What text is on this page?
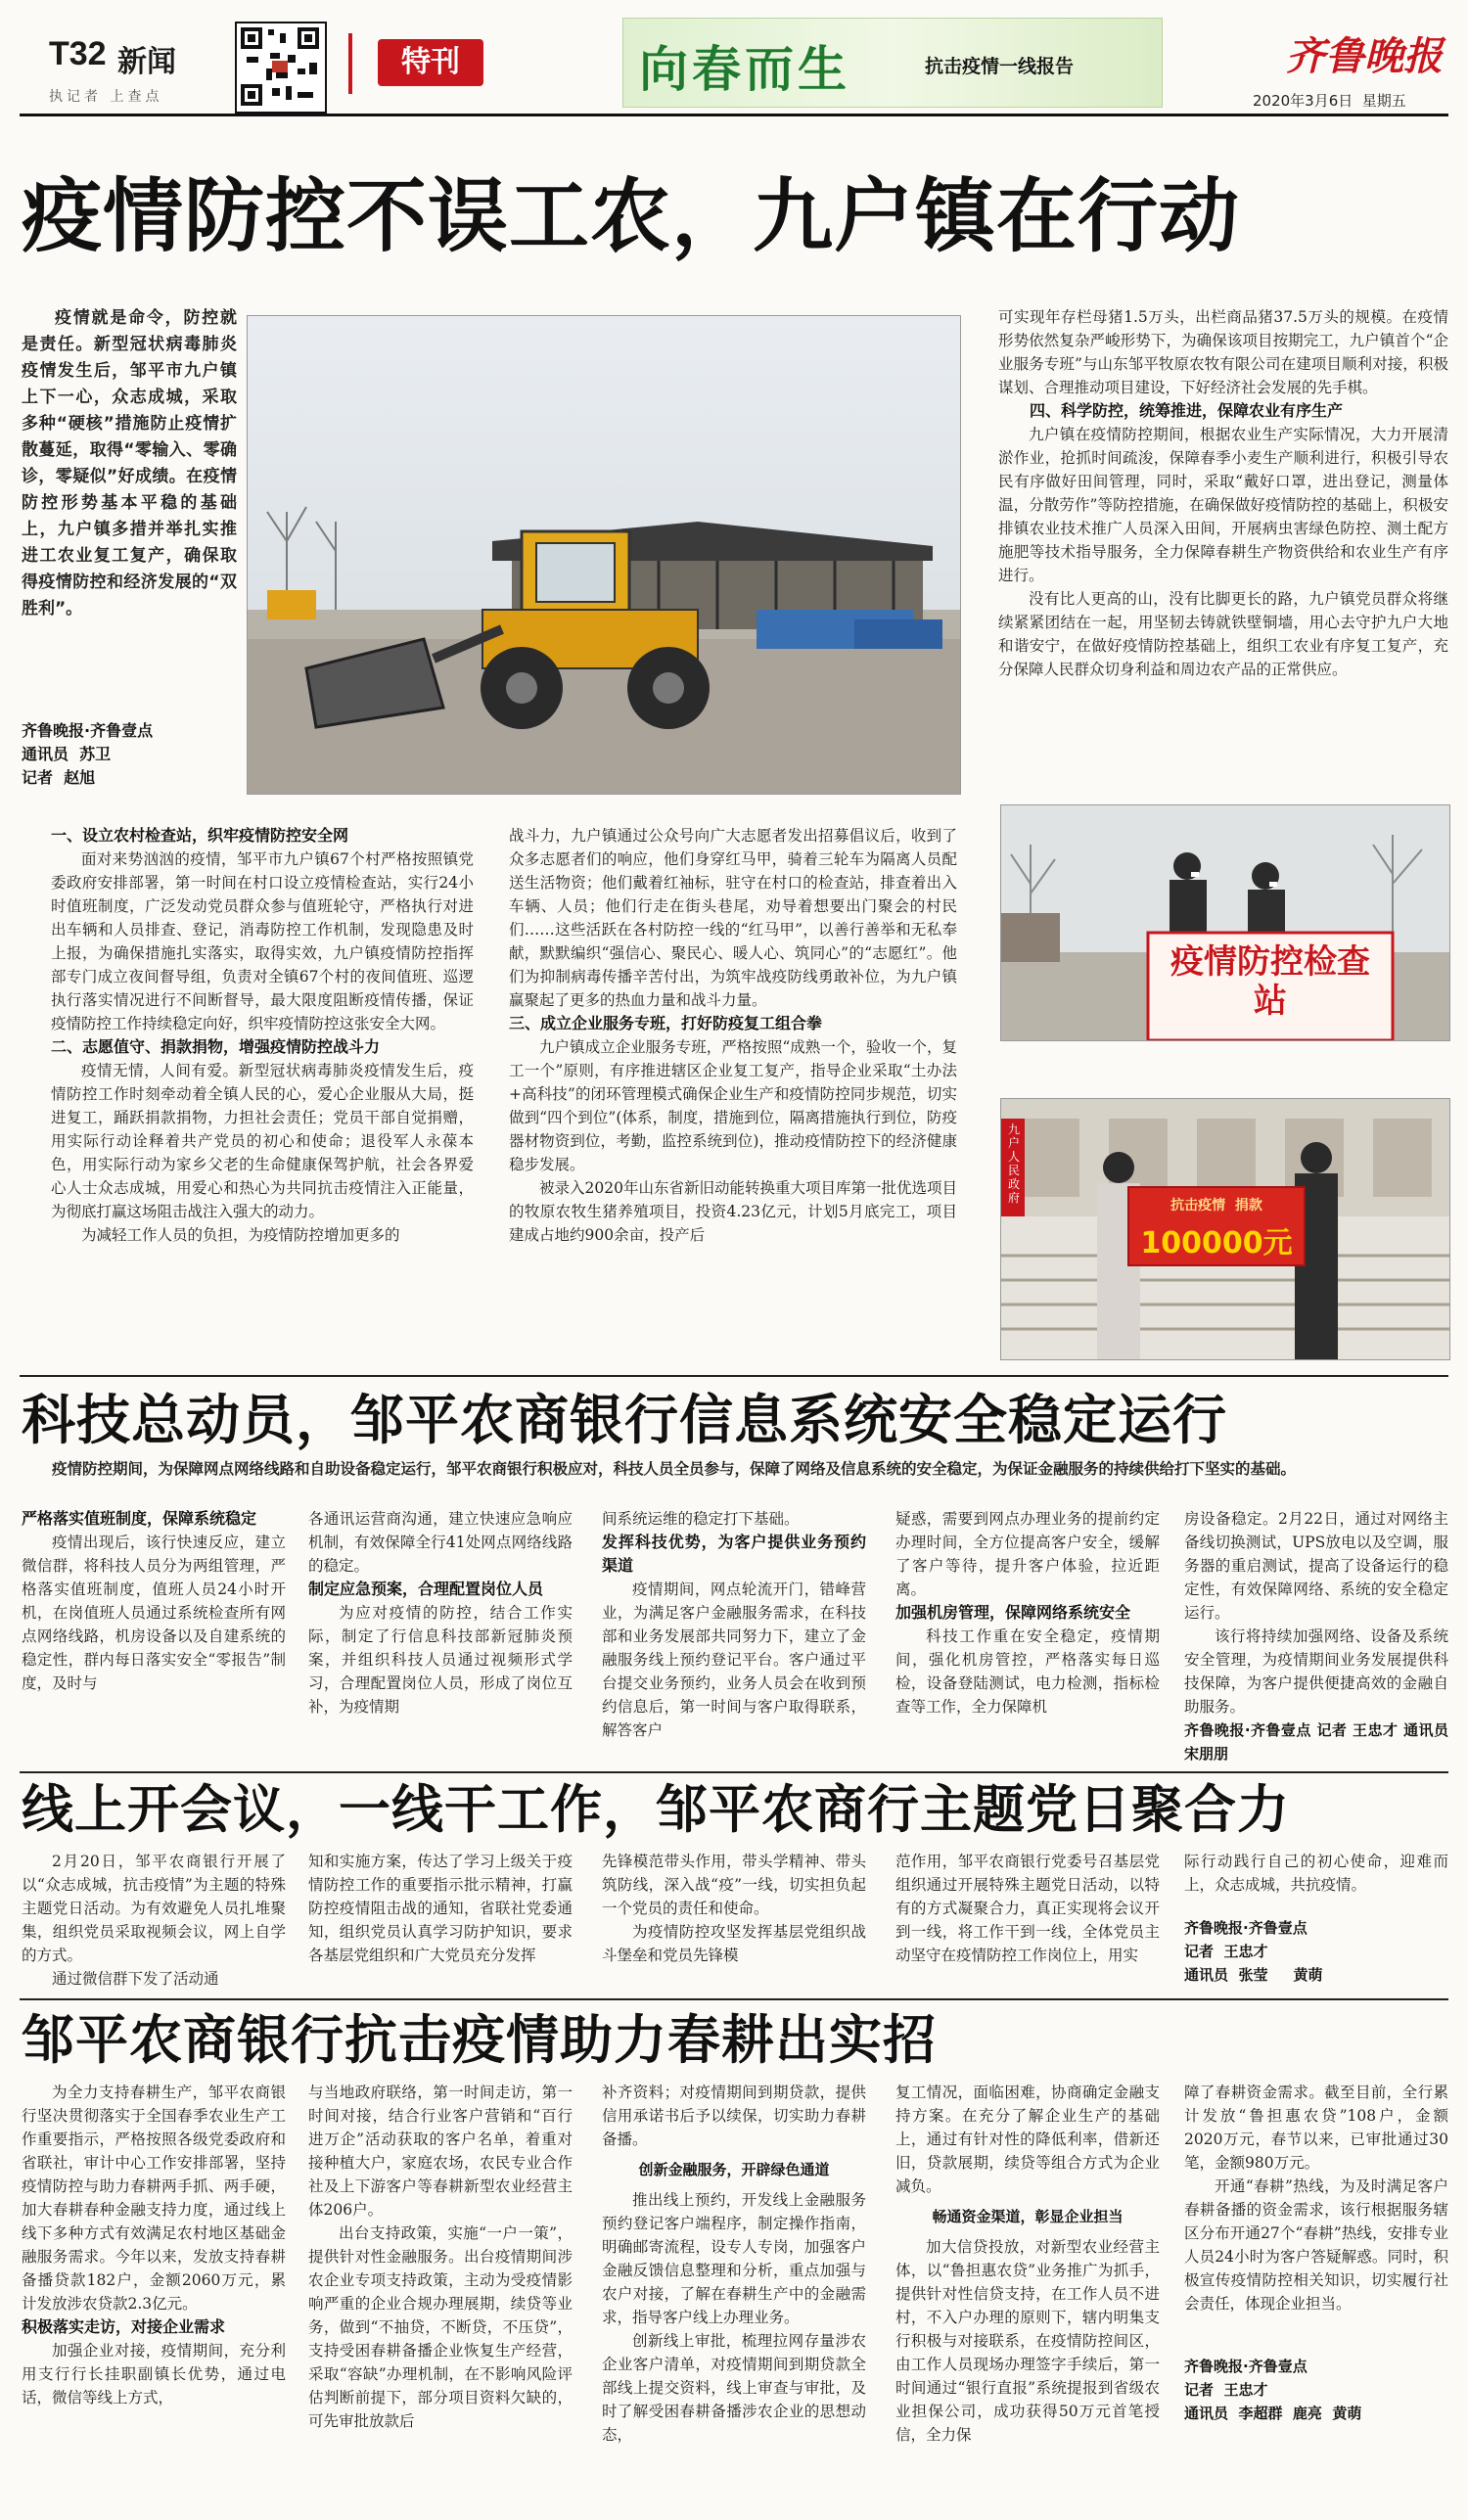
T32 新闻
执记者 上查点
特刊	向春而生	抗击疫情一线报告	齐鲁晚报
2020年3月6日  星期五
疫情防控不误工农，九户镇在行动
疫情就是命令，防控就是责任。新型冠状病毒肺炎疫情发生后，邹平市九户镇上下一心，众志成城，采取多种“硬核”措施防止疫情扩散蔓延，取得“零输入、零确诊，零疑似”好成绩。在疫情防控形势基本平稳的基础上，九户镇多措并举扎实推进工农业复工复产，确保取得疫情防控和经济发展的“双胜利”。
齐鲁晚报·齐鲁壹点
通讯员  苏卫
记者  赵旭
一、设立农村检查站，织牢疫情防控安全网

面对来势汹汹的疫情，邹平市九户镇67个村严格按照镇党委政府安排部署，第一时间在村口设立疫情检查站，实行24小时值班制度，广泛发动党员群众参与值班轮守，严格执行对进出车辆和人员排查、登记，消毒防控工作机制，发现隐患及时上报，为确保措施扎实落实，取得实效，九户镇疫情防控指挥部专门成立夜间督导组，负责对全镇67个村的夜间值班、巡逻执行落实情况进行不间断督导，最大限度阻断疫情传播，保证疫情防控工作持续稳定向好，织牢疫情防控这张安全大网。

二、志愿值守、捐款捐物，增强疫情防控战斗力

疫情无情，人间有爱。新型冠状病毒肺炎疫情发生后，疫情防控工作时刻牵动着全镇人民的心，爱心企业服从大局，挺进复工，踊跃捐款捐物，力担社会责任；党员干部自觉捐赠，用实际行动诠释着共产党员的初心和使命；退役军人永葆本色，用实际行动为家乡父老的生命健康保驾护航，社会各界爱心人士众志成城，用爱心和热心为共同抗击疫情注入正能量，为彻底打赢这场阻击战注入强大的动力。

为减轻工作人员的负担，为疫情防控增加更多的

战斗力，九户镇通过公众号向广大志愿者发出招募倡议后，收到了众多志愿者们的响应，他们身穿红马甲，骑着三轮车为隔离人员配送生活物资；他们戴着红袖标，驻守在村口的检查站，排查着出入车辆、人员；他们行走在街头巷尾，劝导着想要出门聚会的村民们……这些活跃在各村防控一线的“红马甲”，以善行善举和无私奉献，默默编织“强信心、聚民心、暖人心、筑同心”的“志愿红”。他们为抑制病毒传播辛苦付出，为筑牢战疫防线勇敢补位，为九户镇赢聚起了更多的热血力量和战斗力量。

三、成立企业服务专班，打好防疫复工组合拳

九户镇成立企业服务专班，严格按照“成熟一个，验收一个，复工一个”原则，有序推进辖区企业复工复产，指导企业采取“土办法+高科技”的闭环管理模式确保企业生产和疫情防控同步规范，切实做到“四个到位”(体系，制度，措施到位，隔离措施执行到位，防疫器材物资到位，考勤，监控系统到位)，推动疫情防控下的经济健康稳步发展。

被录入2020年山东省新旧动能转换重大项目库第一批优选项目的牧原农牧生猪养殖项目，投资4.23亿元，计划5月底完工，项目建成占地约900余亩，投产后

可实现年存栏母猪1.5万头，出栏商品猪37.5万头的规模。在疫情形势依然复杂严峻形势下，为确保该项目按期完工，九户镇首个“企业服务专班”与山东邹平牧原农牧有限公司在建项目顺利对接，积极谋划、合理推动项目建设，下好经济社会发展的先手棋。

四、科学防控，统筹推进，保障农业有序生产

九户镇在疫情防控期间，根据农业生产实际情况，大力开展清淤作业，抢抓时间疏浚，保障春季小麦生产顺利进行，积极引导农民有序做好田间管理，同时，采取“戴好口罩，进出登记，测量体温，分散劳作”等防控措施，在确保做好疫情防控的基础上，积极安排镇农业技术推广人员深入田间，开展病虫害绿色防控、测土配方施肥等技术指导服务，全力保障春耕生产物资供给和农业生产有序进行。

没有比人更高的山，没有比脚更长的路，九户镇党员群众将继续紧紧团结在一起，用坚韧去铸就铁壁铜墙，用心去守护九户大地和谐安宁，在做好疫情防控基础上，组织工农业有序复工复产，充分保障人民群众切身利益和周边农产品的正常供应。

疫情防控检查站
抗击疫情  捐款
100000元
九户人民政府
科技总动员，邹平农商银行信息系统安全稳定运行
疫情防控期间，为保障网点网络线路和自助设备稳定运行，邹平农商银行积极应对，科技人员全员参与，保障了网络及信息系统的安全稳定，为保证金融服务的持续供给打下坚实的基础。
严格落实值班制度，保障系统稳定

疫情出现后，该行快速反应，建立微信群，将科技人员分为两组管理，严格落实值班制度，值班人员24小时开机，在岗值班人员通过系统检查所有网点网络线路，机房设备以及自建系统的稳定性，群内每日落实安全“零报告”制度，及时与

各通讯运营商沟通，建立快速应急响应机制，有效保障全行41处网点网络线路的稳定。

制定应急预案，合理配置岗位人员

为应对疫情的防控，结合工作实际，制定了行信息科技部新冠肺炎预案，并组织科技人员通过视频形式学习，合理配置岗位人员，形成了岗位互补，为疫情期

间系统运维的稳定打下基础。

发挥科技优势，为客户提供业务预约渠道

疫情期间，网点轮流开门，错峰营业，为满足客户金融服务需求，在科技部和业务发展部共同努力下，建立了金融服务线上预约登记平台。客户通过平台提交业务预约，业务人员会在收到预约信息后，第一时间与客户取得联系，解答客户

疑惑，需要到网点办理业务的提前约定办理时间，全方位提高客户安全，缓解了客户等待，提升客户体验，拉近距离。

加强机房管理，保障网络系统安全

科技工作重在安全稳定，疫情期间，强化机房管控，严格落实每日巡检，设备登陆测试，电力检测，指标检查等工作，全力保障机

房设备稳定。2月22日，通过对网络主备线切换测试，UPS放电以及空调，服务器的重启测试，提高了设备运行的稳定性，有效保障网络、系统的安全稳定运行。

该行将持续加强网络、设备及系统安全管理，为疫情期间业务发展提供科技保障，为客户提供便捷高效的金融自助服务。

齐鲁晚报·齐鲁壹点 记者 王忠才 通讯员 宋朋朋
线上开会议，一线干工作，邹平农商行主题党日聚合力

2月20日，邹平农商银行开展了以“众志成城，抗击疫情”为主题的特殊主题党日活动。为有效避免人员扎堆聚集，组织党员采取视频会议，网上自学的方式。

通过微信群下发了活动通

知和实施方案，传达了学习上级关于疫情防控工作的重要指示批示精神，打赢防控疫情阻击战的通知，省联社党委通知，组织党员认真学习防护知识，要求各基层党组织和广大党员充分发挥

先锋模范带头作用，带头学精神、带头筑防线，深入战“疫”一线，切实担负起一个党员的责任和使命。

为疫情防控攻坚发挥基层党组织战斗堡垒和党员先锋模

范作用，邹平农商银行党委号召基层党组织通过开展特殊主题党日活动，以特有的方式凝聚合力，真正实现将会议开到一线，将工作干到一线，全体党员主动坚守在疫情防控工作岗位上，用实

际行动践行自己的初心使命，迎难而上，众志成城，共抗疫情。

齐鲁晚报·齐鲁壹点
记者  王忠才
通讯员  张莹     黄萌
邹平农商银行抗击疫情助力春耕出实招

为全力支持春耕生产，邹平农商银行坚决贯彻落实于全国春季农业生产工作重要指示，严格按照各级党委政府和省联社，审计中心工作安排部署，坚持疫情防控与助力春耕两手抓、两手硬，加大春耕春种金融支持力度，通过线上线下多种方式有效满足农村地区基础金融服务需求。今年以来，发放支持春耕备播贷款182户，金额2060万元，累计发放涉农贷款2.3亿元。

积极落实走访，对接企业需求

加强企业对接，疫情期间，充分利用支行行长挂职副镇长优势，通过电话，微信等线上方式，

与当地政府联络，第一时间走访，第一时间对接，结合行业客户营销和“百行进万企”活动获取的客户名单，着重对接种植大户，家庭农场，农民专业合作社及上下游客户等春耕新型农业经营主体206户。

出台支持政策，实施“一户一策”，提供针对性金融服务。出台疫情期间涉农企业专项支持政策，主动为受疫情影响严重的企业合规办理展期，续贷等业务，做到“不抽贷，不断贷，不压贷”，支持受困春耕备播企业恢复生产经营，采取“容缺”办理机制，在不影响风险评估判断前提下，部分项目资料欠缺的，可先审批放款后

补齐资料；对疫情期间到期贷款，提供信用承诺书后予以续保，切实助力春耕备播。

创新金融服务，开辟绿色通道

推出线上预约，开发线上金融服务预约登记客户端程序，制定操作指南，明确邮寄流程，设专人专岗，加强客户金融反馈信息整理和分析，重点加强与农户对接，了解在春耕生产中的金融需求，指导客户线上办理业务。

创新线上审批，梳理拉网存量涉农企业客户清单，对疫情期间到期贷款全部线上提交资料，线上审查与审批，及时了解受困春耕备播涉农企业的思想动态，

复工情况，面临困难，协商确定金融支持方案。在充分了解企业生产的基础上，通过有针对性的降低利率，借新还旧，贷款展期，续贷等组合方式为企业减负。

畅通资金渠道，彰显企业担当

加大信贷投放，对新型农业经营主体，以“鲁担惠农贷”业务推广为抓手，提供针对性信贷支持，在工作人员不进村，不入户办理的原则下，辖内明集支行积极与对接联系，在疫情防控间区，由工作人员现场办理签字手续后，第一时间通过“银行直报”系统提报到省级农业担保公司，成功获得50万元首笔授信，全力保

障了春耕资金需求。截至目前，全行累计发放“鲁担惠农贷”108户，金额2020万元，春节以来，已审批通过30笔，金额980万元。

开通“春耕”热线，为及时满足客户春耕备播的资金需求，该行根据服务辖区分布开通27个“春耕”热线，安排专业人员24小时为客户答疑解惑。同时，积极宣传疫情防控相关知识，切实履行社会责任，体现企业担当。

齐鲁晚报·齐鲁壹点
记者  王忠才
通讯员  李超群  鹿亮  黄萌
